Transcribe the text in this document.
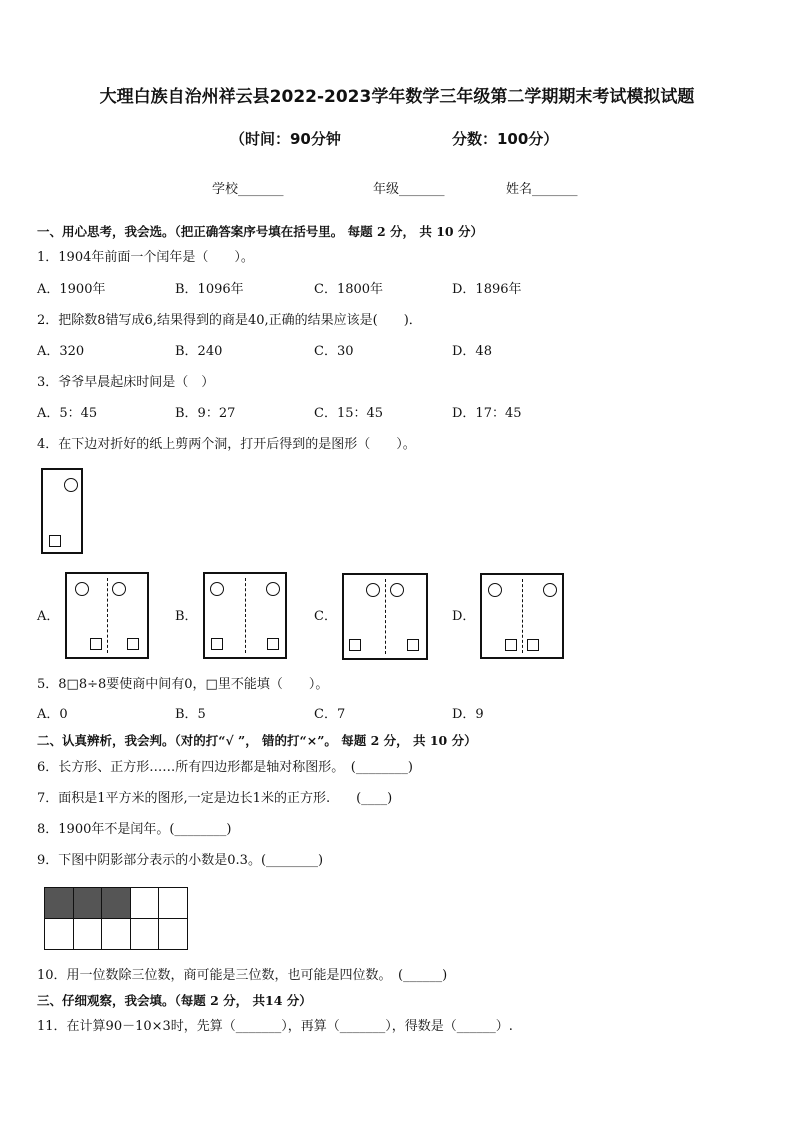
大理白族自治州祥云县2022-2023学年数学三年级第二学期期末考试模拟试题
（时间：90分钟	分数：100分）
学校_______	年级_______	姓名_______
一、用心思考，我会选。（把正确答案序号填在括号里。 每题 2 分， 共 10 分）
1．1904年前面一个闰年是（　　）。
A．1900年	B．1096年	C．1800年	D．1896年
2．把除数8错写成6,结果得到的商是40,正确的结果应该是(　　)．
A．320	B．240	C．30	D．48
3．爷爷早晨起床时间是（　）
A．5：45	B．9：27	C．15：45	D．17：45
4．在下边对折好的纸上剪两个洞，打开后得到的是图形（　　）。
A．	B．	C．	D．
5．8□8÷8要使商中间有0，□里不能填（　　）。
A．0	B．5	C．7	D．9
二、认真辨析，我会判。（对的打“√ ”， 错的打“×”。 每题 2 分， 共 10 分）
6．长方形、正方形……所有四边形都是轴对称图形。　(________)
7．面积是1平方米的图形,一定是边长1米的正方形.　　(____)
8．1900年不是闰年。(________)
9．下图中阴影部分表示的小数是0.3。(________)
10．用一位数除三位数，商可能是三位数，也可能是四位数。　(______)
三、仔细观察，我会填。（每题 2 分， 共14 分）
11．在计算90－10×3时，先算（_______），再算（_______），得数是（______）.
